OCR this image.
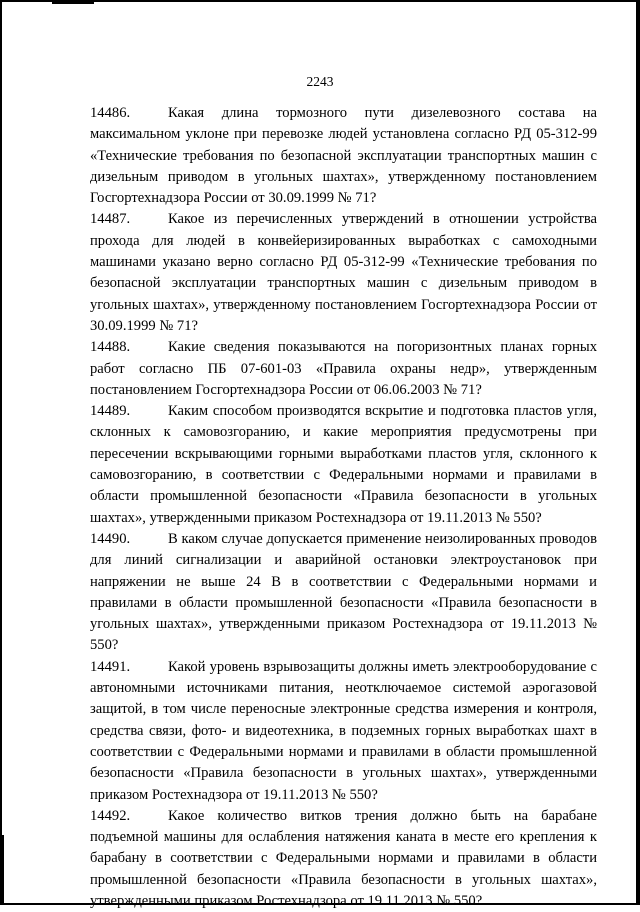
2243

14486.	Какая длина тормозного пути дизелевозного состава на максимальном уклоне при перевозке людей установлена согласно РД 05-312-99 «Технические требования по безопасной эксплуатации транспортных машин с дизельным приводом в угольных шахтах», утвержденному постановлением Госгортехнадзора России от 30.09.1999 № 71?

14487.	Какое из перечисленных утверждений в отношении устройства прохода для людей в конвейеризированных выработках с самоходными машинами указано верно согласно РД 05-312-99 «Технические требования по безопасной эксплуатации транспортных машин с дизельным приводом в угольных шахтах», утвержденному постановлением Госгортехнадзора России от 30.09.1999 № 71?

14488.	Какие сведения показываются на погоризонтных планах горных работ согласно ПБ 07-601-03 «Правила охраны недр», утвержденным постановлением Госгортехнадзора России от 06.06.2003 № 71?

14489.	Каким способом производятся вскрытие и подготовка пластов угля, склонных к самовозгоранию, и какие мероприятия предусмотрены при пересечении вскрывающими горными выработками пластов угля, склонного к самовозгоранию, в соответствии с Федеральными нормами и правилами в области промышленной безопасности «Правила безопасности в угольных шахтах», утвержденными приказом Ростехнадзора от 19.11.2013 № 550?

14490.	В каком случае допускается применение неизолированных проводов для линий сигнализации и аварийной остановки электроустановок при напряжении не выше 24 В в соответствии с Федеральными нормами и правилами в области промышленной безопасности «Правила безопасности в угольных шахтах», утвержденными приказом Ростехнадзора от 19.11.2013 № 550?

14491.	Какой уровень взрывозащиты должны иметь электрооборудование с автономными источниками питания, неотключаемое системой аэрогазовой защитой, в том числе переносные электронные средства измерения и контроля, средства связи, фото- и видеотехника, в подземных горных выработках шахт в соответствии с Федеральными нормами и правилами в области промышленной безопасности «Правила безопасности в угольных шахтах», утвержденными приказом Ростехнадзора от 19.11.2013 № 550?

14492.	Какое количество витков трения должно быть на барабане подъемной машины для ослабления натяжения каната в месте его крепления к барабану в соответствии с Федеральными нормами и правилами в области промышленной безопасности «Правила безопасности в угольных шахтах», утвержденными приказом Ростехнадзора от 19.11.2013 № 550?
